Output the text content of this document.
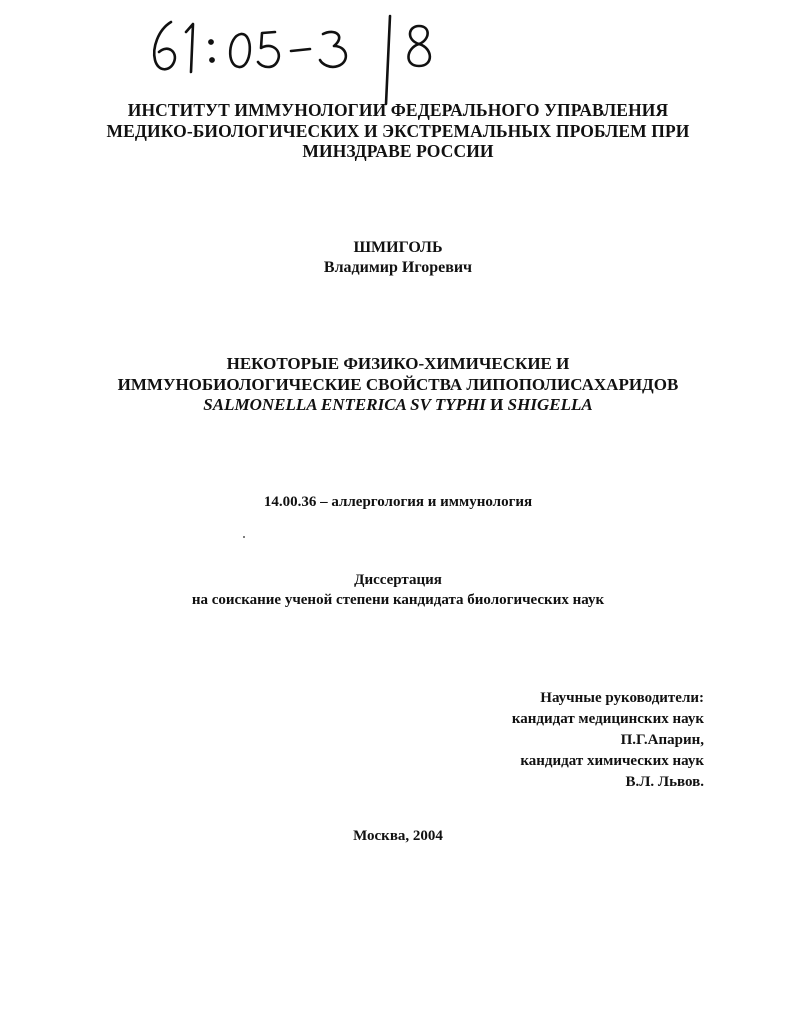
ИНСТИТУТ ИММУНОЛОГИИ ФЕДЕРАЛЬНОГО УПРАВЛЕНИЯ
МЕДИКО-БИОЛОГИЧЕСКИХ И ЭКСТРЕМАЛЬНЫХ ПРОБЛЕМ ПРИ
МИНЗДРАВЕ РОССИИ
ШМИГОЛЬ
Владимир Игоревич
НЕКОТОРЫЕ ФИЗИКО-ХИМИЧЕСКИЕ И
ИММУНОБИОЛОГИЧЕСКИЕ СВОЙСТВА ЛИПОПОЛИСАХАРИДОВ
SALMONELLA ENTERICA SV TYPHI И SHIGELLA
14.00.36 – аллергология и иммунология
Диссертация
на соискание ученой степени кандидата биологических наук
Научные руководители:
кандидат медицинских наук
П.Г.Апарин,
кандидат химических наук
В.Л. Львов.
Москва, 2004
